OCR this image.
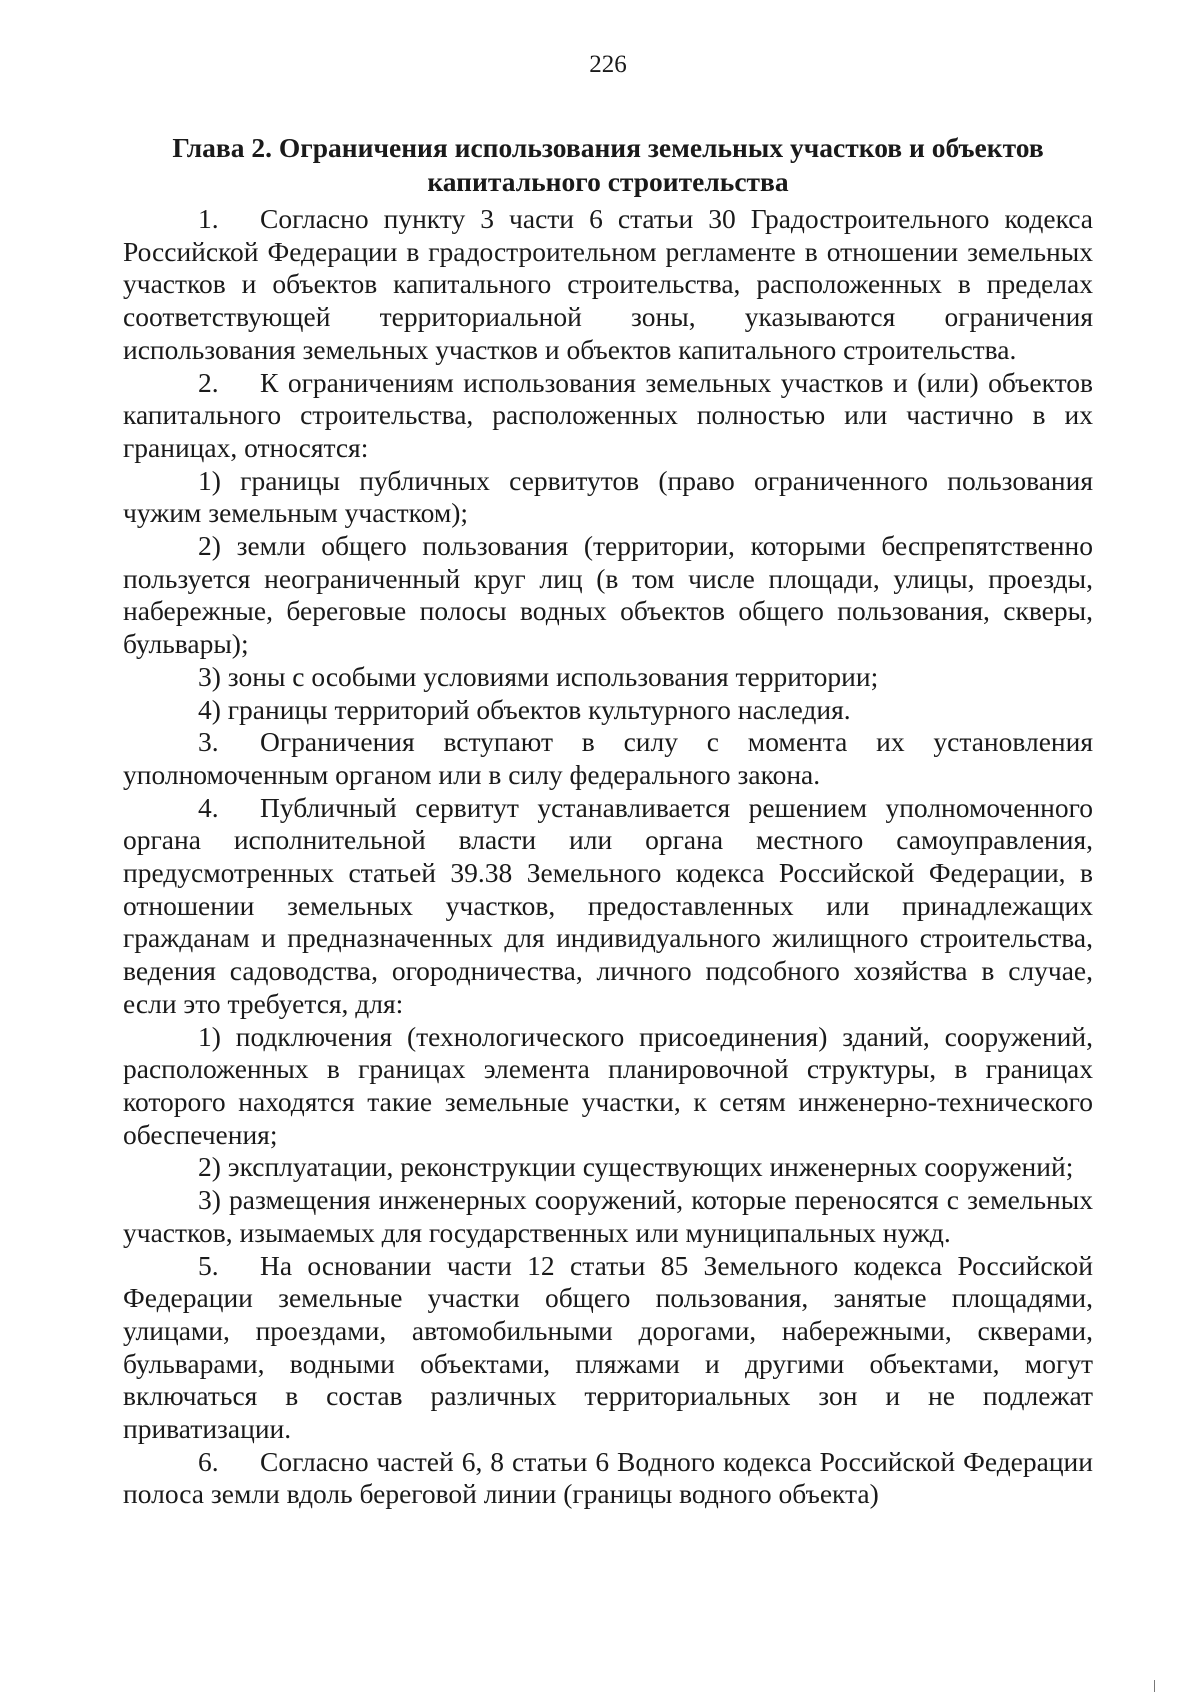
226
Глава 2. Ограничения использования земельных участков и объектов капитального строительства

1. Согласно пункту 3 части 6 статьи 30 Градостроительного кодекса Российской Федерации в градостроительном регламенте в отношении земельных участков и объектов капитального строительства, расположенных в пределах соответствующей территориальной зоны, указываются ограничения использования земельных участков и объектов капитального строительства.

2. К ограничениям использования земельных участков и (или) объектов капитального строительства, расположенных полностью или частично в их границах, относятся:

1) границы публичных сервитутов (право ограниченного пользования чужим земельным участком);

2) земли общего пользования (территории, которыми беспрепятственно пользуется неограниченный круг лиц (в том числе площади, улицы, проезды, набережные, береговые полосы водных объектов общего пользования, скверы, бульвары);

3) зоны с особыми условиями использования территории;

4) границы территорий объектов культурного наследия.

3. Ограничения вступают в силу с момента их установления уполномоченным органом или в силу федерального закона.

4. Публичный сервитут устанавливается решением уполномоченного органа исполнительной власти или органа местного самоуправления, предусмотренных статьей 39.38 Земельного кодекса Российской Федерации, в отношении земельных участков, предоставленных или принадлежащих гражданам и предназначенных для индивидуального жилищного строительства, ведения садоводства, огородничества, личного подсобного хозяйства в случае, если это требуется, для:

1) подключения (технологического присоединения) зданий, сооружений, расположенных в границах элемента планировочной структуры, в границах которого находятся такие земельные участки, к сетям инженерно-технического обеспечения;

2) эксплуатации, реконструкции существующих инженерных сооружений;

3) размещения инженерных сооружений, которые переносятся с земельных участков, изымаемых для государственных или муниципальных нужд.

5. На основании части 12 статьи 85 Земельного кодекса Российской Федерации земельные участки общего пользования, занятые площадями, улицами, проездами, автомобильными дорогами, набережными, скверами, бульварами, водными объектами, пляжами и другими объектами, могут включаться в состав различных территориальных зон и не подлежат приватизации.

6. Согласно частей 6, 8 статьи 6 Водного кодекса Российской Федерации полоса земли вдоль береговой линии (границы водного объекта)
